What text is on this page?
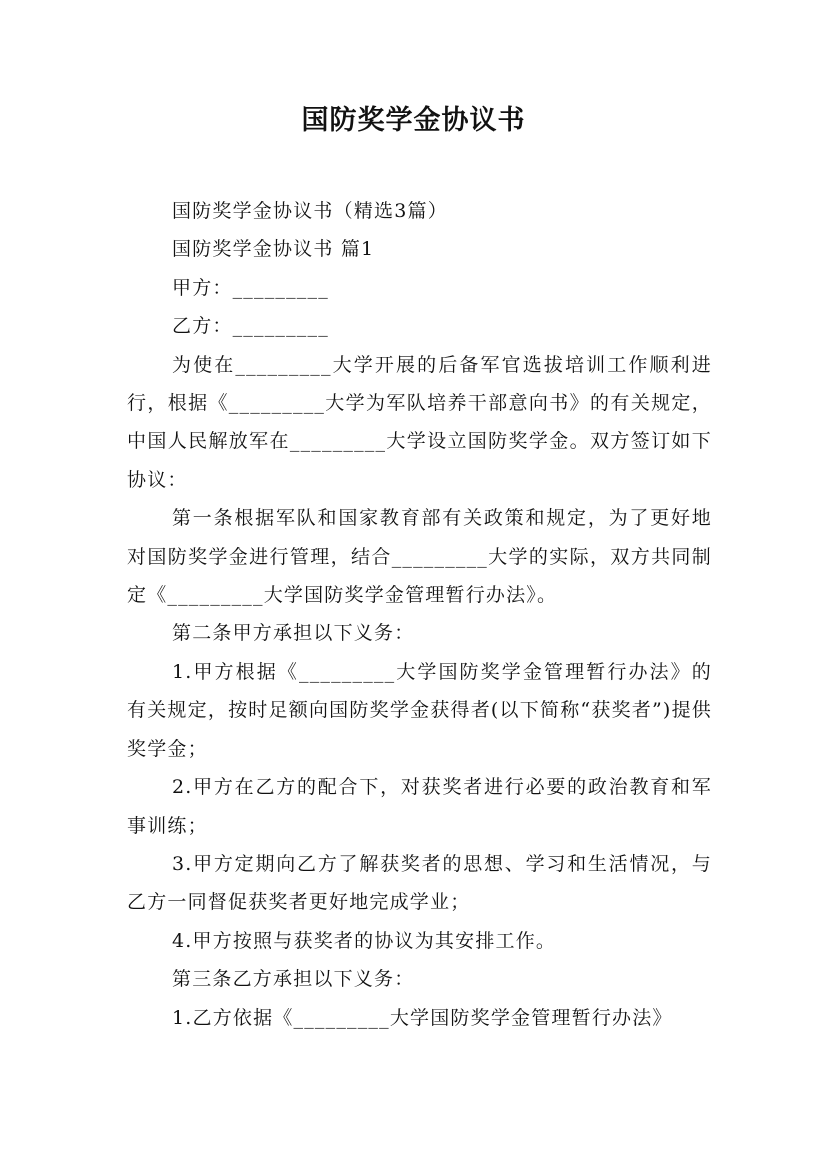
国防奖学金协议书

国防奖学金协议书（精选3篇）

国防奖学金协议书 篇1

甲方：_________

乙方：_________

为使在_________大学开展的后备军官选拔培训工作顺利进行，根据《_________大学为军队培养干部意向书》的有关规定，中国人民解放军在_________大学设立国防奖学金。双方签订如下协议：

第一条根据军队和国家教育部有关政策和规定，为了更好地对国防奖学金进行管理，结合_________大学的实际，双方共同制定《_________大学国防奖学金管理暂行办法》。

第二条甲方承担以下义务：

1.甲方根据《_________大学国防奖学金管理暂行办法》的有关规定，按时足额向国防奖学金获得者(以下简称“获奖者”)提供奖学金；

2.甲方在乙方的配合下，对获奖者进行必要的政治教育和军事训练；

3.甲方定期向乙方了解获奖者的思想、学习和生活情况，与乙方一同督促获奖者更好地完成学业；

4.甲方按照与获奖者的协议为其安排工作。

第三条乙方承担以下义务：

1.乙方依据《_________大学国防奖学金管理暂行办法》
